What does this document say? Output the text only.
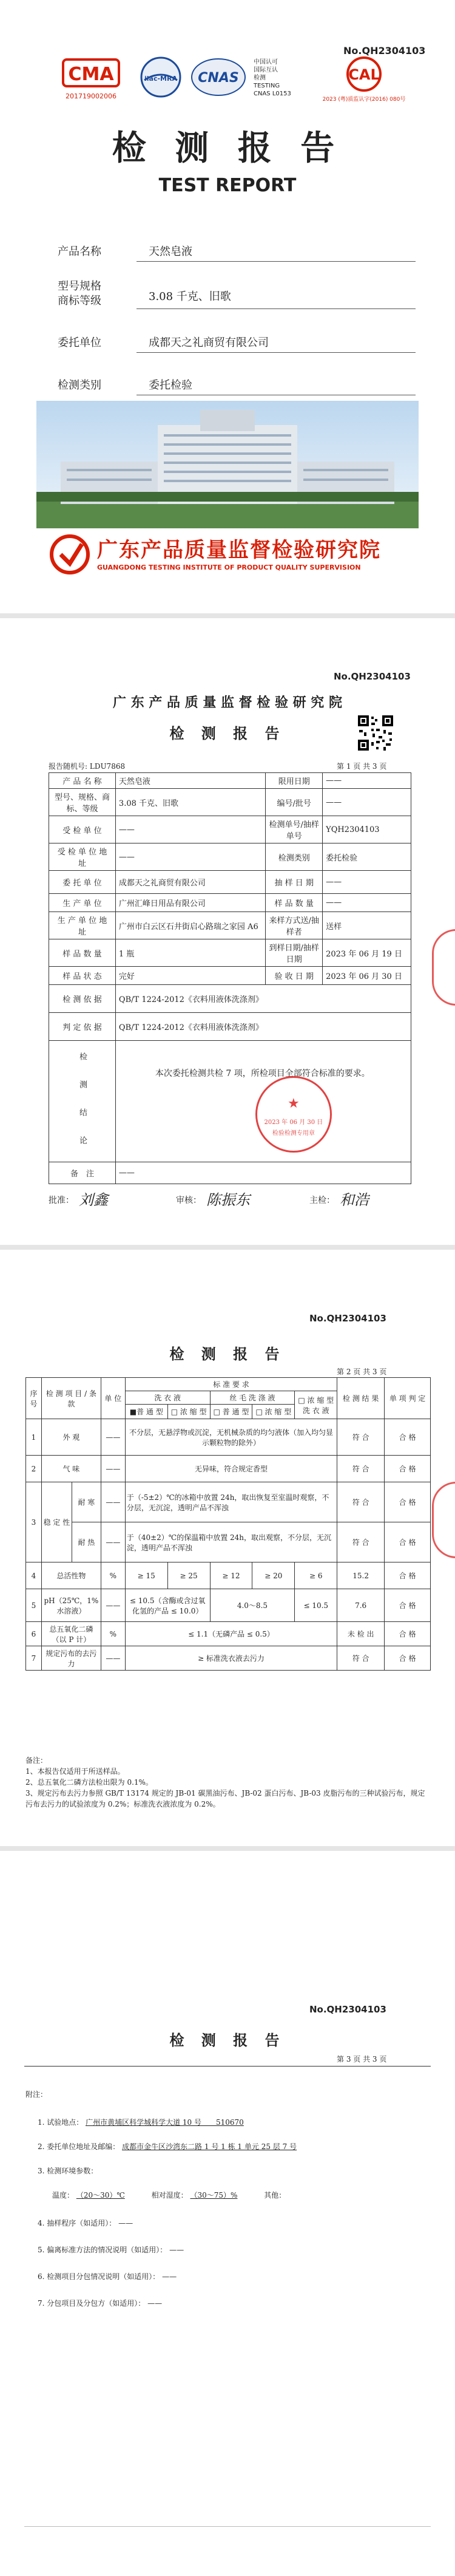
No.QH2304103
CMA
201719002006
ilac-MRA CNAS
中国认可
国际互认
检测
TESTING
CNAS L0153
CAL
2023 (粤)质监认字(2016) 080号
检 测 报 告
TEST REPORT
产品名称	天然皂液
型号规格
商标等级	3.08 千克、旧歌
委托单位	成都天之礼商贸有限公司
检测类别	委托检验
广东产品质量监督检验研究院
GUANGDONG TESTING INSTITUTE OF PRODUCT QUALITY SUPERVISION
No.QH2304103
广 东 产 品 质 量 监 督 检 验 研 究 院
检 测 报 告
报告随机号: LDU7868	第 1 页 共 3 页
产 品 名 称	天然皂液	限用日期	——
型号、规格、商标、等级	3.08 千克、旧歌	编号/批号	——
受 检 单 位	——	检测单号/抽样单号	YQH2304103
受 检 单 位 地　　址	——	检测类别	委托检验
委 托 单 位	成都天之礼商贸有限公司	抽 样 日 期	——
生 产 单 位	广州汇峰日用品有限公司	样 品 数 量	——
生 产 单 位 地　　址	广州市白云区石井街启心路瑞之家园 A6	来样方式送/抽样者	送样
样 品 数 量	1 瓶	到样日期/抽样日期	2023 年 06 月 19 日
样 品 状 态	完好	验 收 日 期	2023 年 06 月 30 日
检 测 依 据	QB/T 1224-2012《衣料用液体洗涤剂》		
判 定 依 据	QB/T 1224-2012《衣料用液体洗涤剂》		
检　测　结　论	本次委托检测共检 7 项，所检项目全部符合标准的要求。
★
2023 年 06 月 30 日
检验检测专用章		

备　注	——		
批准： 刘鑫	审核： 陈振东	主检： 和浩
No.QH2304103
检 测 报 告
第 2 页 共 3 页
序 号	检 测 项 目 / 条 款		单 位	标 准 要 求					检 测 结 果	单 项 判 定
				洗 衣 液		丝 毛 洗 涤 液		□ 浓 缩 型 洗 衣 液		
				■普 通 型	□ 浓 缩 型	□ 普 通 型	□ 浓 缩 型			
1	外 观		——	不分层，无悬浮物或沉淀，无机械杂质的均匀液体（加入均匀显示颗粒物的除外）					符 合	合 格
2	气 味		——	无异味，符合规定香型					符 合	合 格
3	稳 定 性	耐 寒	——	于（-5±2）℃的冰箱中放置 24h，取出恢复至室温时观察，不分层，无沉淀，透明产品不浑浊					符 合	合 格
		耐 热	——	于（40±2）℃的保温箱中放置 24h，取出观察，不分层，无沉淀，透明产品不浑浊					符 合	合 格
4	总活性物		%	≥ 15	≥ 25	≥ 12	≥ 20	≥ 6	15.2	合 格
5	pH（25℃，1% 水溶液）		——	≤ 10.5（含酶或含过氧化氢的产品 ≤ 10.0）		4.0～8.5		≤ 10.5	7.6	合 格
6	总五氧化二磷（以 P 计）		%	≤ 1.1（无磷产品 ≤ 0.5）					未 检 出	合 格
7	规定污布的去污力		——	≥ 标准洗衣液去污力					符 合	合 格
备注：
1、本报告仅适用于所送样品。
2、总五氧化二磷方法检出限为 0.1%。
3、规定污布去污力参照 GB/T 13174 规定的 JB-01 碳黑油污布、JB-02 蛋白污布、JB-03 皮脂污布的三种试验污布，规定污布去污力的试验浓度为 0.2%；标准洗衣液浓度为 0.2%。
No.QH2304103
检 测 报 告
第 3 页 共 3 页
附注：
1. 试验地点： 广州市黄埔区科学城科学大道 10 号　　510670
2. 委托单位地址及邮编： 成都市金牛区沙湾东二路 1 号 1 栋 1 单元 25 层 7 号
3. 检测环境参数：
　　温度： （20～30）℃	相对湿度： （30～75）%	其他：
4. 抽样程序（如适用）： ——
5. 偏离标准方法的情况说明（如适用）： ——
6. 检测项目分包情况说明（如适用）： ——
7. 分包项目及分包方（如适用）： ——
